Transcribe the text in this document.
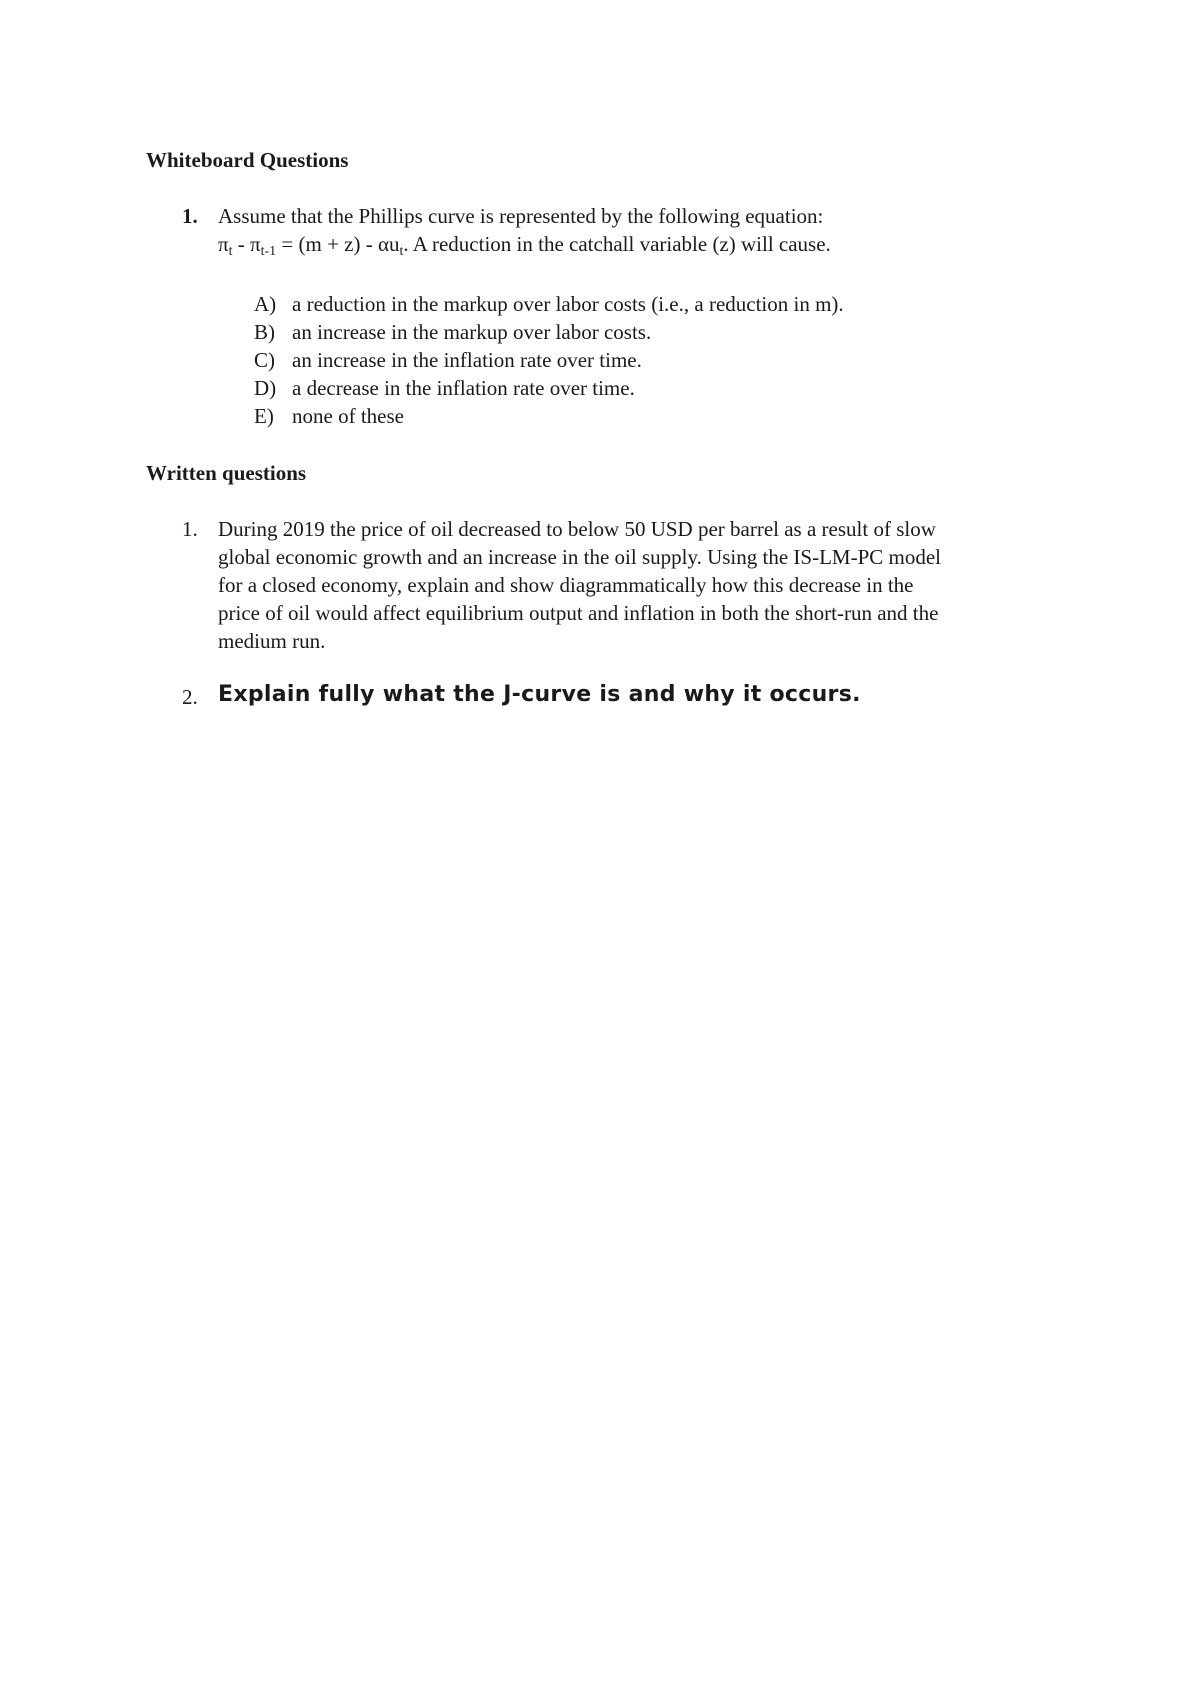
Whiteboard Questions
1. Assume that the Phillips curve is represented by the following equation:
$\pi_t - \pi_{t-1} = (m + z) - \alpha u_t$. A reduction in the catchall variable (z) will cause.
A) a reduction in the markup over labor costs (i.e., a reduction in m).
B) an increase in the markup over labor costs.
C) an increase in the inflation rate over time.
D) a decrease in the inflation rate over time.
E) none of these
Written questions
1. During 2019 the price of oil decreased to below 50 USD per barrel as a result of slow
global economic growth and an increase in the oil supply. Using the IS-LM-PC model
for a closed economy, explain and show diagrammatically how this decrease in the
price of oil would affect equilibrium output and inflation in both the short-run and the
medium run.
2. Explain fully what the J-curve is and why it occurs.
